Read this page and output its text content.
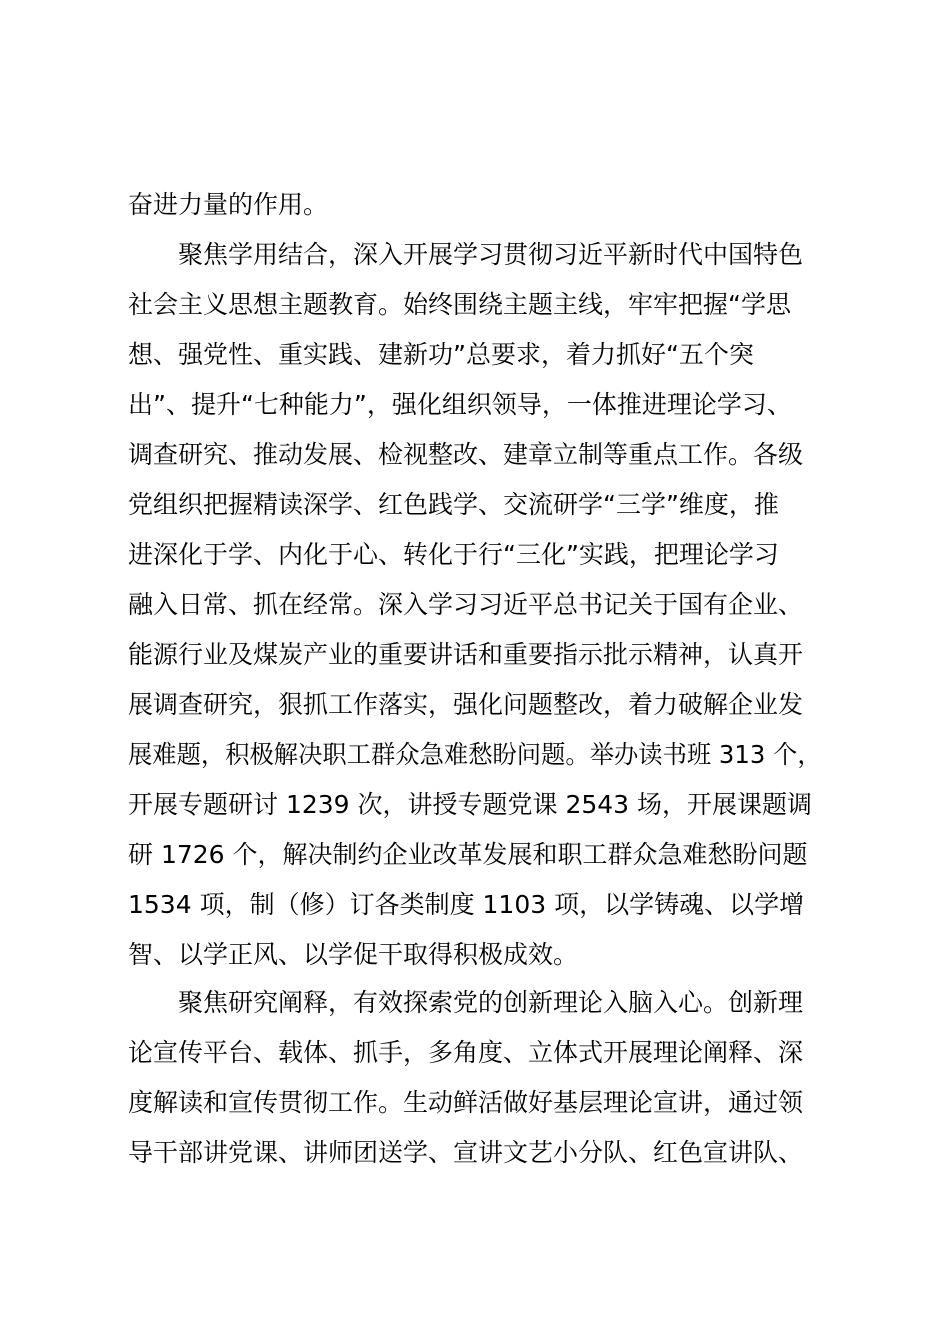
奋进力量的作用。
聚焦学用结合，深入开展学习贯彻习近平新时代中国特色
社会主义思想主题教育。始终围绕主题主线，牢牢把握“学思
想、强党性、重实践、建新功”总要求，着力抓好“五个突
出”、提升“七种能力”，强化组织领导，一体推进理论学习、
调查研究、推动发展、检视整改、建章立制等重点工作。各级
党组织把握精读深学、红色践学、交流研学“三学”维度，推
进深化于学、内化于心、转化于行“三化”实践，把理论学习
融入日常、抓在经常。深入学习习近平总书记关于国有企业、
能源行业及煤炭产业的重要讲话和重要指示批示精神，认真开
展调查研究，狠抓工作落实，强化问题整改，着力破解企业发
展难题，积极解决职工群众急难愁盼问题。举办读书班 313 个，
开展专题研讨 1239 次，讲授专题党课 2543 场，开展课题调
研 1726 个，解决制约企业改革发展和职工群众急难愁盼问题
1534 项，制（修）订各类制度 1103 项，以学铸魂、以学增
智、以学正风、以学促干取得积极成效。
聚焦研究阐释，有效探索党的创新理论入脑入心。创新理
论宣传平台、载体、抓手，多角度、立体式开展理论阐释、深
度解读和宣传贯彻工作。生动鲜活做好基层理论宣讲，通过领
导干部讲党课、讲师团送学、宣讲文艺小分队、红色宣讲队、
